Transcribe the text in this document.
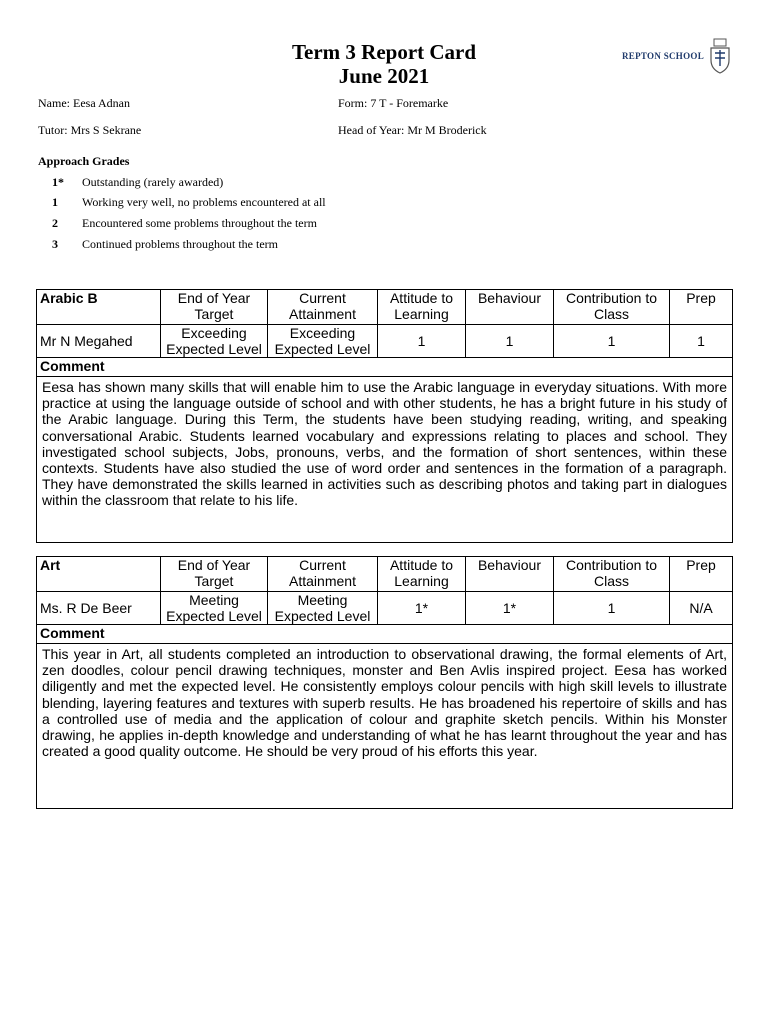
Term 3 Report Card
June 2021
REPTON SCHOOL
Name: Eesa Adnan	Form: 7 T - Foremarke
Tutor: Mrs S Sekrane	Head of Year: Mr M Broderick
Approach Grades
1*	Outstanding (rarely awarded)
1	Working very well, no problems encountered at all
2	Encountered some problems throughout the term
3	Continued problems throughout the term
Arabic B	End of Year Target	Current Attainment	Attitude to Learning	Behaviour	Contribution to Class	Prep
Mr N Megahed	Exceeding Expected Level	Exceeding Expected Level	1	1	1	1
Comment						
Eesa has shown many skills that will enable him to use the Arabic language in everyday situations. With more practice at using the language outside of school and with other students, he has a bright future in his study of the Arabic language. During this Term, the students have been studying reading, writing, and speaking conversational Arabic. Students learned vocabulary and expressions relating to places and school. They investigated school subjects, Jobs, pronouns, verbs, and the formation of short sentences, within these contexts. Students have also studied the use of word order and sentences in the formation of a paragraph. They have demonstrated the skills learned in activities such as describing photos and taking part in dialogues within the classroom that relate to his life.						
Art	End of Year Target	Current Attainment	Attitude to Learning	Behaviour	Contribution to Class	Prep
Ms. R De Beer	Meeting Expected Level	Meeting Expected Level	1*	1*	1	N/A
Comment						
This year in Art, all students completed an introduction to observational drawing, the formal elements of Art, zen doodles, colour pencil drawing techniques, monster and Ben Avlis inspired project. Eesa has worked diligently and met the expected level. He consistently employs colour pencils with high skill levels to illustrate blending, layering features and textures with superb results. He has broadened his repertoire of skills and has a controlled use of media and the application of colour and graphite sketch pencils. Within his Monster drawing, he applies in-depth knowledge and understanding of what he has learnt throughout the year and has created a good quality outcome. He should be very proud of his efforts this year.						
